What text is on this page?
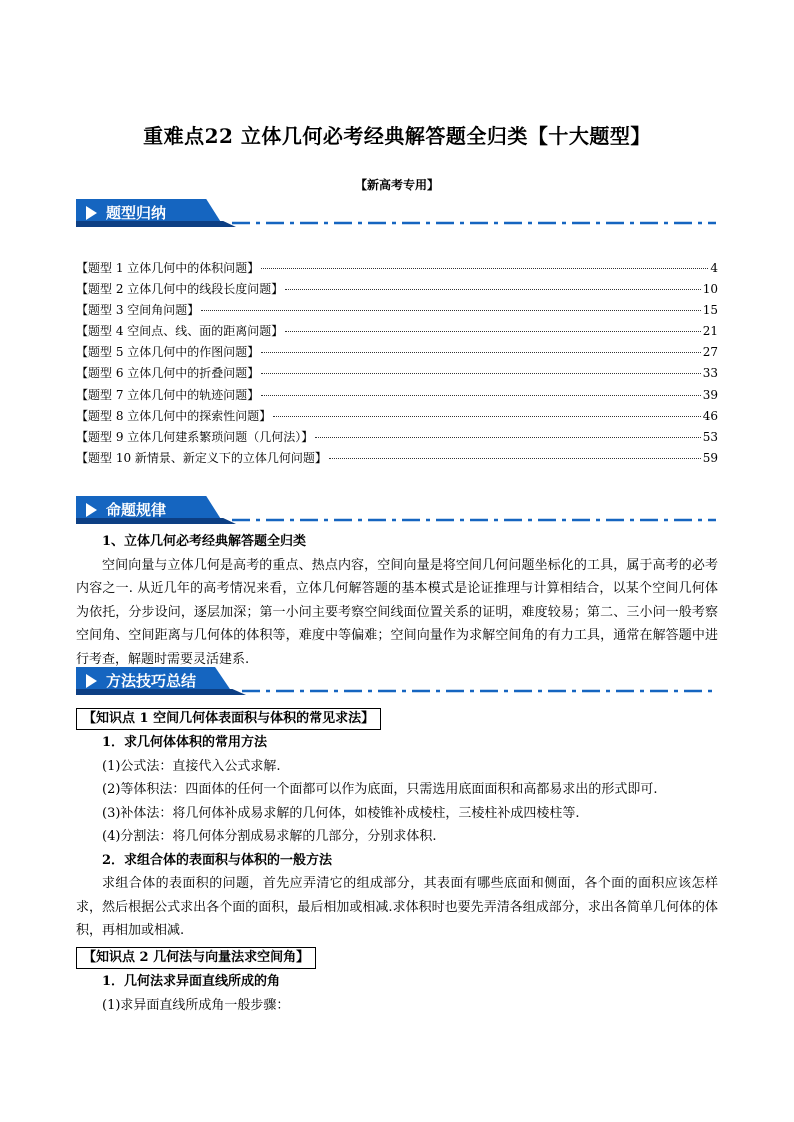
重难点22 立体几何必考经典解答题全归类【十大题型】
【新高考专用】
题型归纳
【题型 1 立体几何中的体积问题】	4
【题型 2 立体几何中的线段长度问题】	10
【题型 3 空间角问题】	15
【题型 4 空间点、线、面的距离问题】	21
【题型 5 立体几何中的作图问题】	27
【题型 6 立体几何中的折叠问题】	33
【题型 7 立体几何中的轨迹问题】	39
【题型 8 立体几何中的探索性问题】	46
【题型 9 立体几何建系繁琐问题（几何法）】	53
【题型 10 新情景、新定义下的立体几何问题】	59
命题规律
1、立体几何必考经典解答题全归类
空间向量与立体几何是高考的重点、热点内容，空间向量是将空间几何问题坐标化的工具，属于高考的必考内容之一. 从近几年的高考情况来看，立体几何解答题的基本模式是论证推理与计算相结合，以某个空间几何体为依托，分步设问，逐层加深；第一小问主要考察空间线面位置关系的证明，难度较易；第二、三小问一般考察空间角、空间距离与几何体的体积等，难度中等偏难；空间向量作为求解空间角的有力工具，通常在解答题中进行考查，解题时需要灵活建系.
方法技巧总结
【知识点 1 空间几何体表面积与体积的常见求法】
1．求几何体体积的常用方法
(1)公式法：直接代入公式求解.
(2)等体积法：四面体的任何一个面都可以作为底面，只需选用底面面积和高都易求出的形式即可.
(3)补体法：将几何体补成易求解的几何体，如棱锥补成棱柱，三棱柱补成四棱柱等.
(4)分割法：将几何体分割成易求解的几部分，分别求体积.
2．求组合体的表面积与体积的一般方法
求组合体的表面积的问题，首先应弄清它的组成部分，其表面有哪些底面和侧面，各个面的面积应该怎样求，然后根据公式求出各个面的面积，最后相加或相减.求体积时也要先弄清各组成部分，求出各简单几何体的体积，再相加或相减.
【知识点 2 几何法与向量法求空间角】
1．几何法求异面直线所成的角
(1)求异面直线所成角一般步骤：
